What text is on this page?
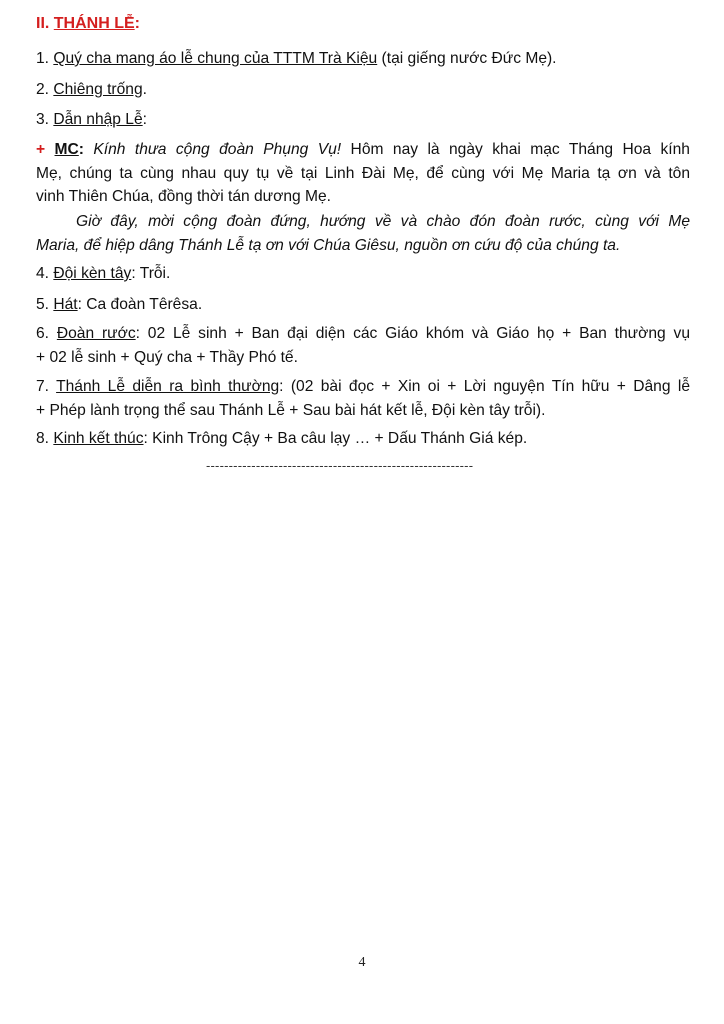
II. THÁNH LỄ:
1. Quý cha mang áo lễ chung của TTTM Trà Kiệu (tại giếng nước Đức Mẹ).
2. Chiêng trống.
3. Dẫn nhập Lễ:
+ MC: Kính thưa cộng đoàn Phụng Vụ! Hôm nay là ngày khai mạc Tháng Hoa kính
Mẹ, chúng ta cùng nhau quy tụ về tại Linh Đài Mẹ, để cùng với Mẹ Maria tạ ơn và tôn
vinh Thiên Chúa, đồng thời tán dương Mẹ.
Giờ đây, mời cộng đoàn đứng, hướng về và chào đón đoàn rước, cùng với Mẹ
Maria, để hiệp dâng Thánh Lễ tạ ơn với Chúa Giêsu, nguồn ơn cứu độ của chúng ta.
4. Đội kèn tây: Trỗi.
5. Hát: Ca đoàn Têrêsa.
6. Đoàn rước: 02 Lễ sinh + Ban đại diện các Giáo khóm và Giáo họ + Ban thường vụ
+ 02 lễ sinh + Quý cha + Thầy Phó tế.
7. Thánh Lễ diễn ra bình thường: (02 bài đọc + Xin oi + Lời nguyện Tín hữu + Dâng lễ
+ Phép lành trọng thể sau Thánh Lễ + Sau bài hát kết lễ, Đội kèn tây trỗi).
8. Kinh kết thúc: Kinh Trông Cậy + Ba câu lạy … + Dấu Thánh Giá kép.
-----------------------------------------------------------
4
